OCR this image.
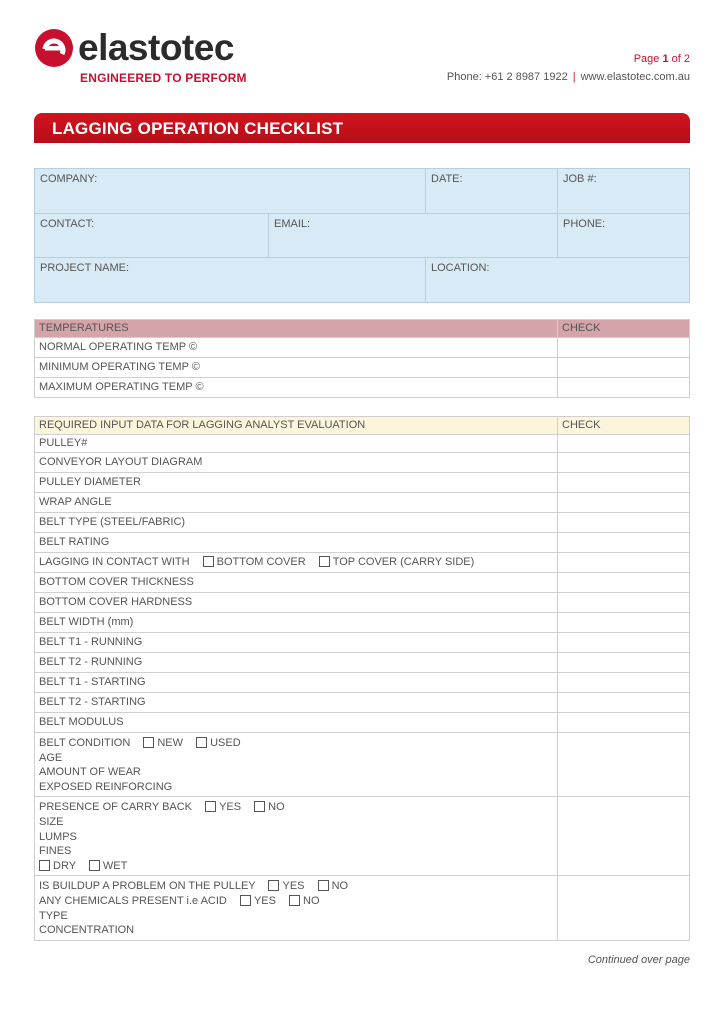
elastotec
ENGINEERED TO PERFORM
Page 1 of 2
Phone: +61 2 8987 1922 | www.elastotec.com.au
LAGGING OPERATION CHECKLIST
COMPANY:	DATE:	JOB #:
CONTACT:	EMAIL:	PHONE:
PROJECT NAME:	LOCATION:
TEMPERATURES	CHECK
NORMAL OPERATING TEMP ©	
MINIMUM OPERATING TEMP ©	
MAXIMUM OPERATING TEMP ©	
REQUIRED INPUT DATA FOR LAGGING ANALYST EVALUATION	CHECK
PULLEY#	
CONVEYOR LAYOUT DIAGRAM	
PULLEY DIAMETER	
WRAP ANGLE	
BELT TYPE (STEEL/FABRIC)	
BELT RATING	
LAGGING IN CONTACT WITH BOTTOM COVER TOP COVER (CARRY SIDE)	
BOTTOM COVER THICKNESS	
BOTTOM COVER HARDNESS	
BELT WIDTH (mm)	
BELT T1 - RUNNING	
BELT T2 - RUNNING	
BELT T1 - STARTING	
BELT T2 - STARTING	
BELT MODULUS	

BELT CONDITION NEW USED
AGE
AMOUNT OF WEAR
EXPOSED REINFORCING	

PRESENCE OF CARRY BACK YES NO
SIZE
LUMPS
FINES
DRY WET	

IS BUILDUP A PROBLEM ON THE PULLEY YES NO
ANY CHEMICALS PRESENT i.e ACID YES NO
TYPE
CONCENTRATION	

Continued over page
